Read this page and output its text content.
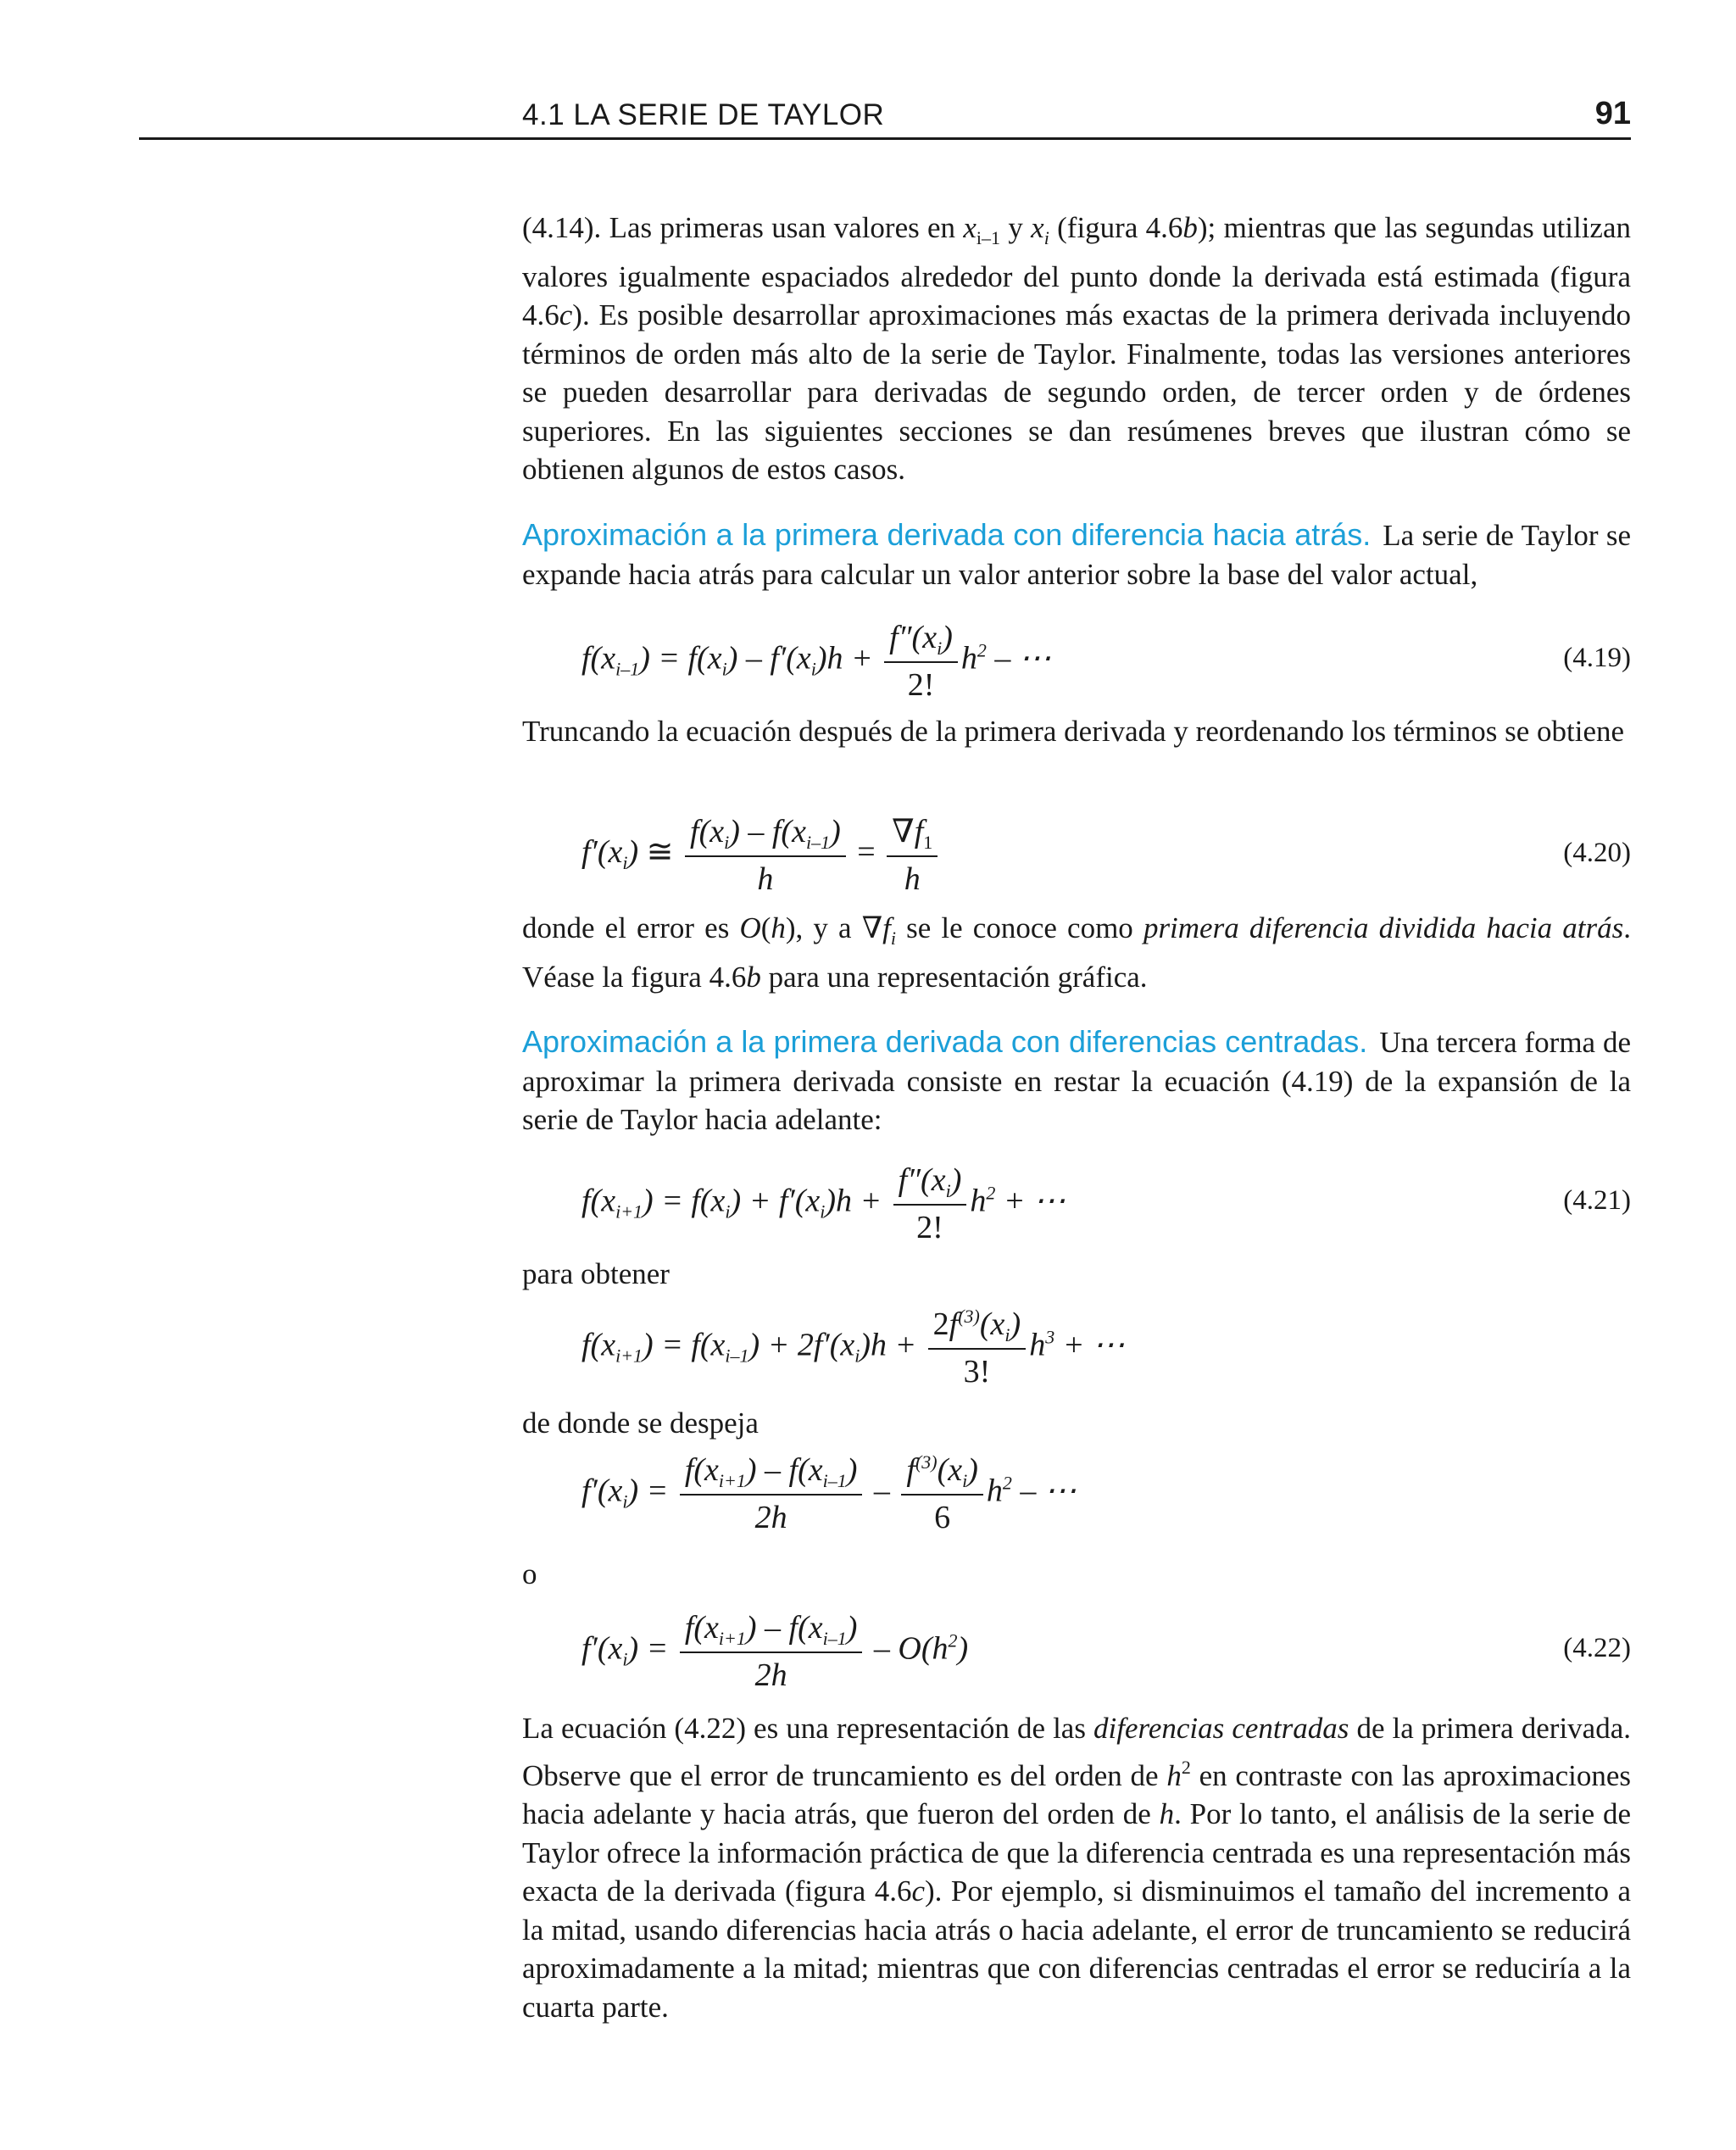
4.1 LA SERIE DE TAYLOR	91

(4.14). Las primeras usan valores en $x_{i-1}$ y $x_i$ (figura 4.6b); mientras que las segundas utilizan valores igualmente espaciados alrededor del punto donde la derivada está estimada (figura 4.6c). Es posible desarrollar aproximaciones más exactas de la primera derivada incluyendo términos de orden más alto de la serie de Taylor. Finalmente, todas las versiones anteriores se pueden desarrollar para derivadas de segundo orden, de tercer orden y de órdenes superiores. En las siguientes secciones se dan resúmenes breves que ilustran cómo se obtienen algunos de estos casos.

Aproximación a la primera derivada con diferencia hacia atrás. La serie de Taylor se expande hacia atrás para calcular un valor anterior sobre la base del valor actual,

$f(x_{i-1}) = f(x_i) - f'(x_i)h + \frac{f''(x_i)}{2!} h^2$ – ⋯	(4.19)

Truncando la ecuación después de la primera derivada y reordenando los términos se obtiene

$f'(x_i)$ ≅ $\frac{f(x_i) - f(x_{i-1})}{h} = \frac{\nabla f_1}{h}$	(4.20)

donde el error es O(h), y a $\nabla f_i$ se le conoce como primera diferencia dividida hacia atrás. Véase la figura 4.6b para una representación gráfica.

Aproximación a la primera derivada con diferencias centradas. Una tercera forma de aproximar la primera derivada consiste en restar la ecuación (4.19) de la expansión de la serie de Taylor hacia adelante:

$f(x_{i+1}) = f(x_i) + f'(x_i)h + \frac{f''(x_i)}{2!} h^2$ + ⋯	(4.21)

para obtener

$f(x_{i+1}) = f(x_{i-1}) + 2f'(x_i)h + \frac{2f^{(3)}(x_i)}{3!} h^3$ + ⋯

de donde se despeja

$f'(x_i) = \frac{f(x_{i+1}) - f(x_{i-1})}{2h} - \frac{f^{(3)}(x_i)}{6} h^2$ – ⋯

o

$f'(x_i) = \frac{f(x_{i+1}) - f(x_{i-1})}{2h} - O(h^2)$	(4.22)

La ecuación (4.22) es una representación de las diferencias centradas de la primera derivada. Observe que el error de truncamiento es del orden de $h^2$ en contraste con las aproximaciones hacia adelante y hacia atrás, que fueron del orden de h. Por lo tanto, el análisis de la serie de Taylor ofrece la información práctica de que la diferencia centrada es una representación más exacta de la derivada (figura 4.6c). Por ejemplo, si disminuimos el tamaño del incremento a la mitad, usando diferencias hacia atrás o hacia adelante, el error de truncamiento se reducirá aproximadamente a la mitad; mientras que con diferencias centradas el error se reduciría a la cuarta parte.
